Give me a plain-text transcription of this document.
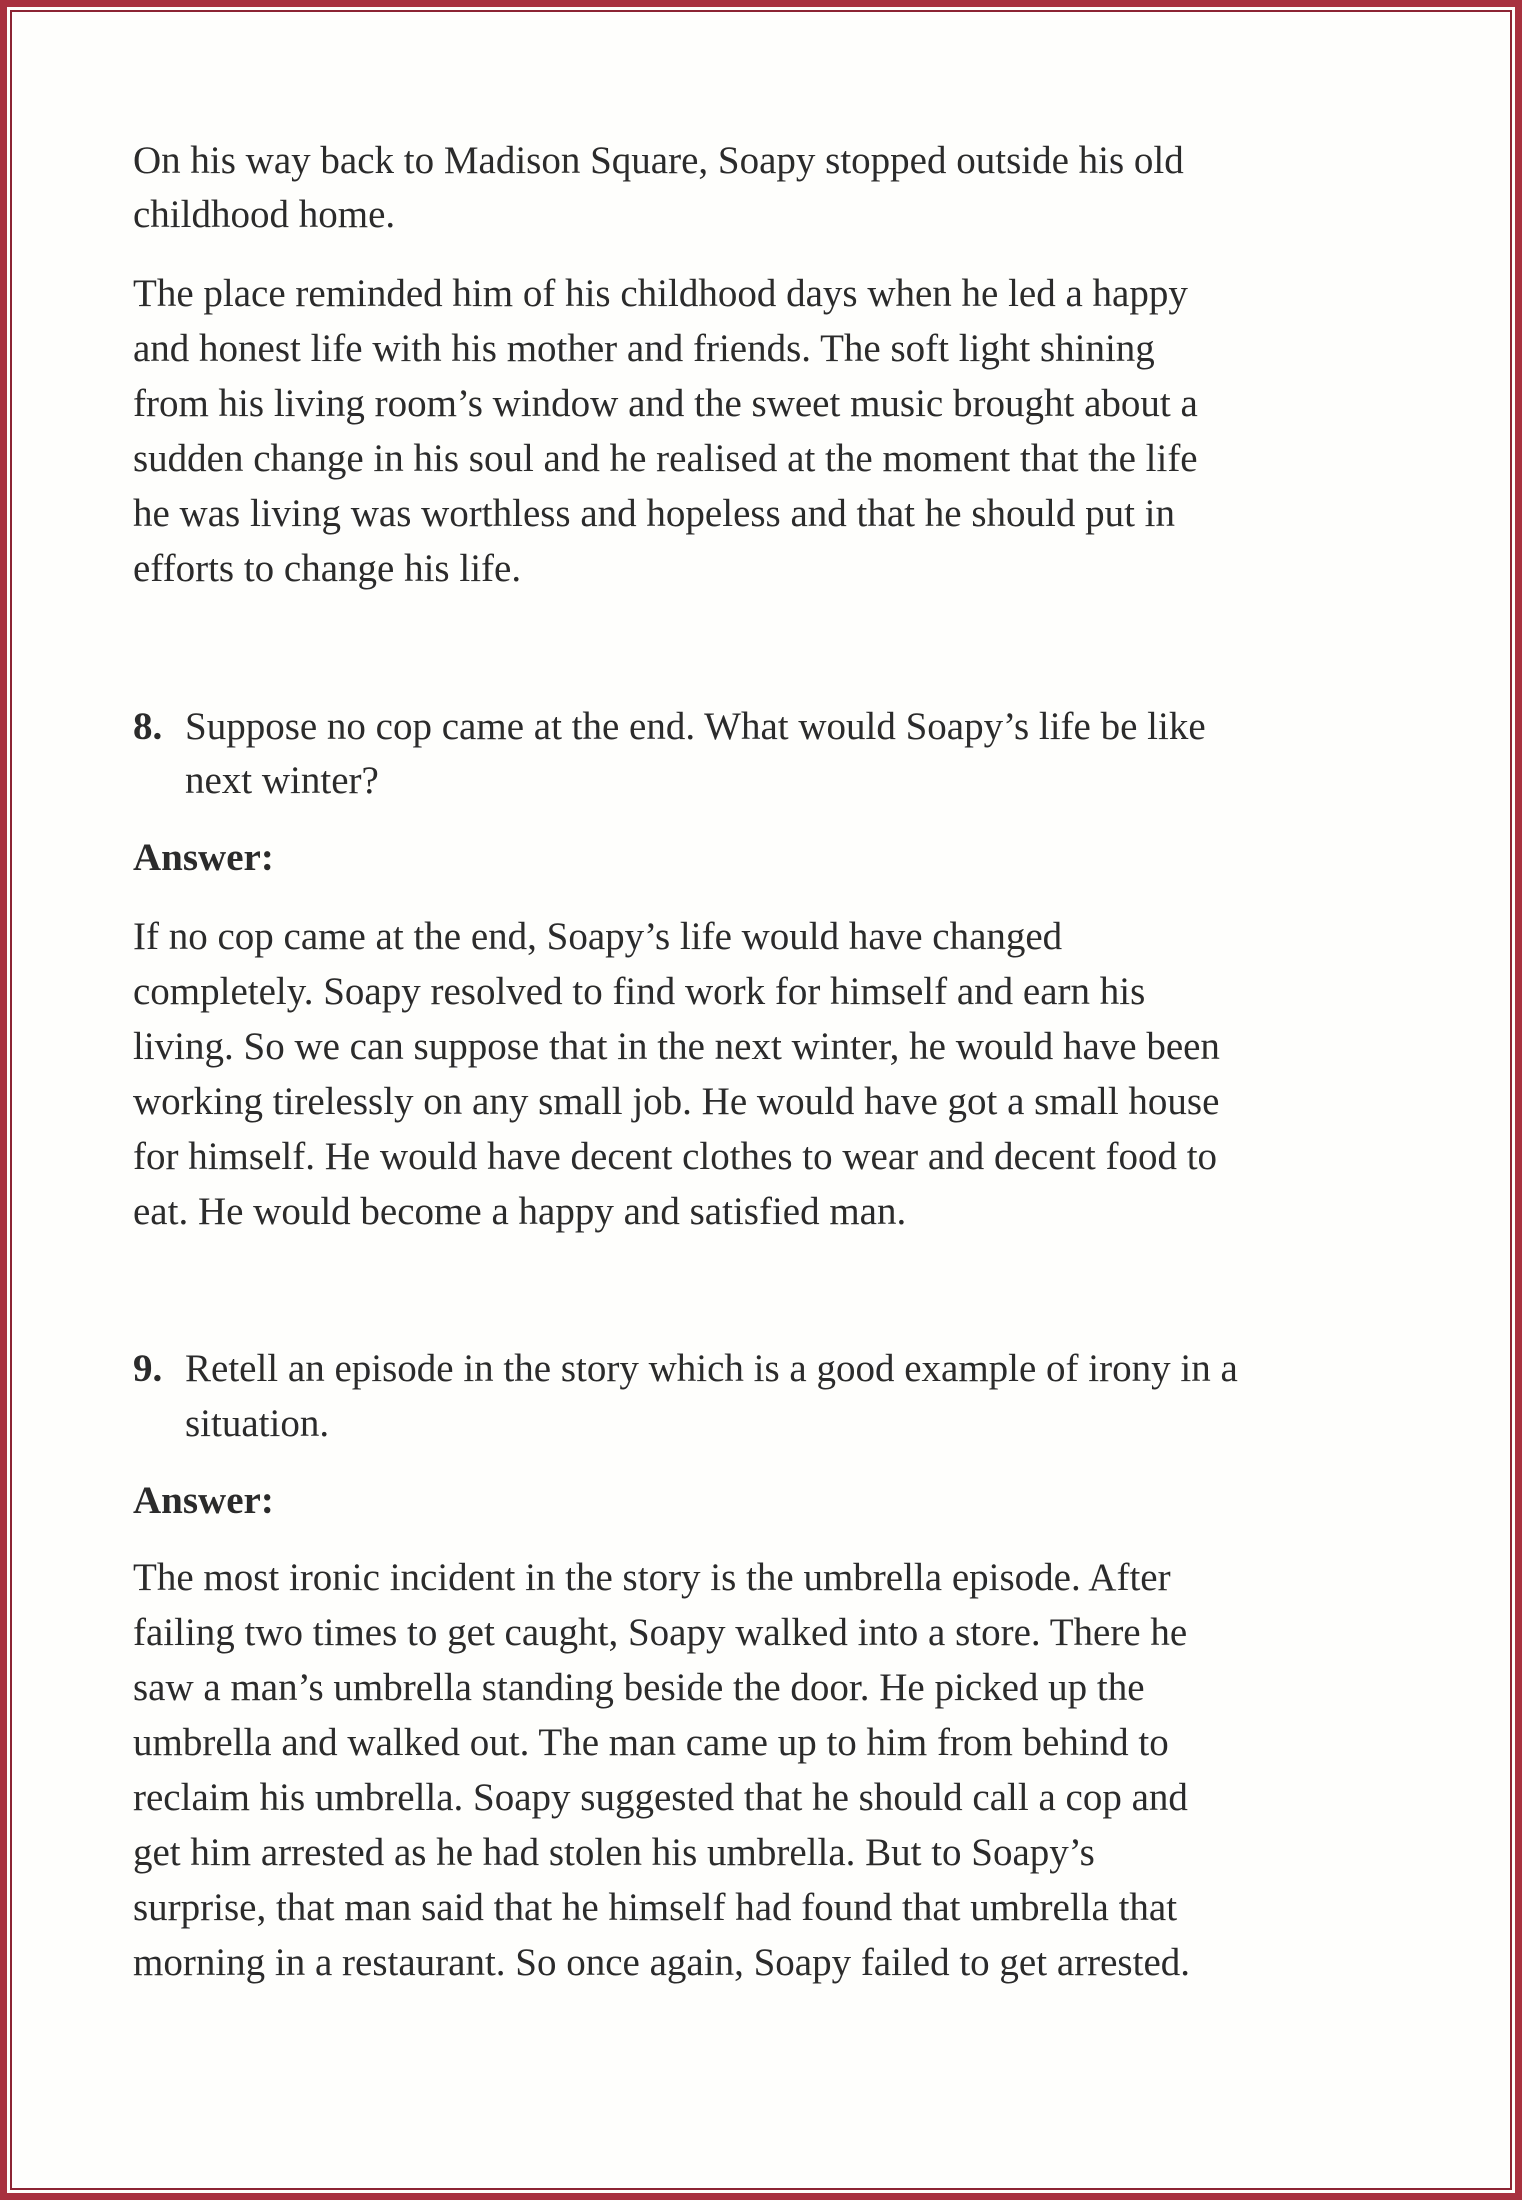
On his way back to Madison Square, Soapy stopped outside his old
childhood home.
The place reminded him of his childhood days when he led a happy
and honest life with his mother and friends. The soft light shining
from his living room’s window and the sweet music brought about a
sudden change in his soul and he realised at the moment that the life
he was living was worthless and hopeless and that he should put in
efforts to change his life.
8. Suppose no cop came at the end. What would Soapy’s life be like
next winter?
Answer:
If no cop came at the end, Soapy’s life would have changed
completely. Soapy resolved to find work for himself and earn his
living. So we can suppose that in the next winter, he would have been
working tirelessly on any small job. He would have got a small house
for himself. He would have decent clothes to wear and decent food to
eat. He would become a happy and satisfied man.
9. Retell an episode in the story which is a good example of irony in a
situation.
Answer:
The most ironic incident in the story is the umbrella episode. After
failing two times to get caught, Soapy walked into a store. There he
saw a man’s umbrella standing beside the door. He picked up the
umbrella and walked out. The man came up to him from behind to
reclaim his umbrella. Soapy suggested that he should call a cop and
get him arrested as he had stolen his umbrella. But to Soapy’s
surprise, that man said that he himself had found that umbrella that
morning in a restaurant. So once again, Soapy failed to get arrested.
